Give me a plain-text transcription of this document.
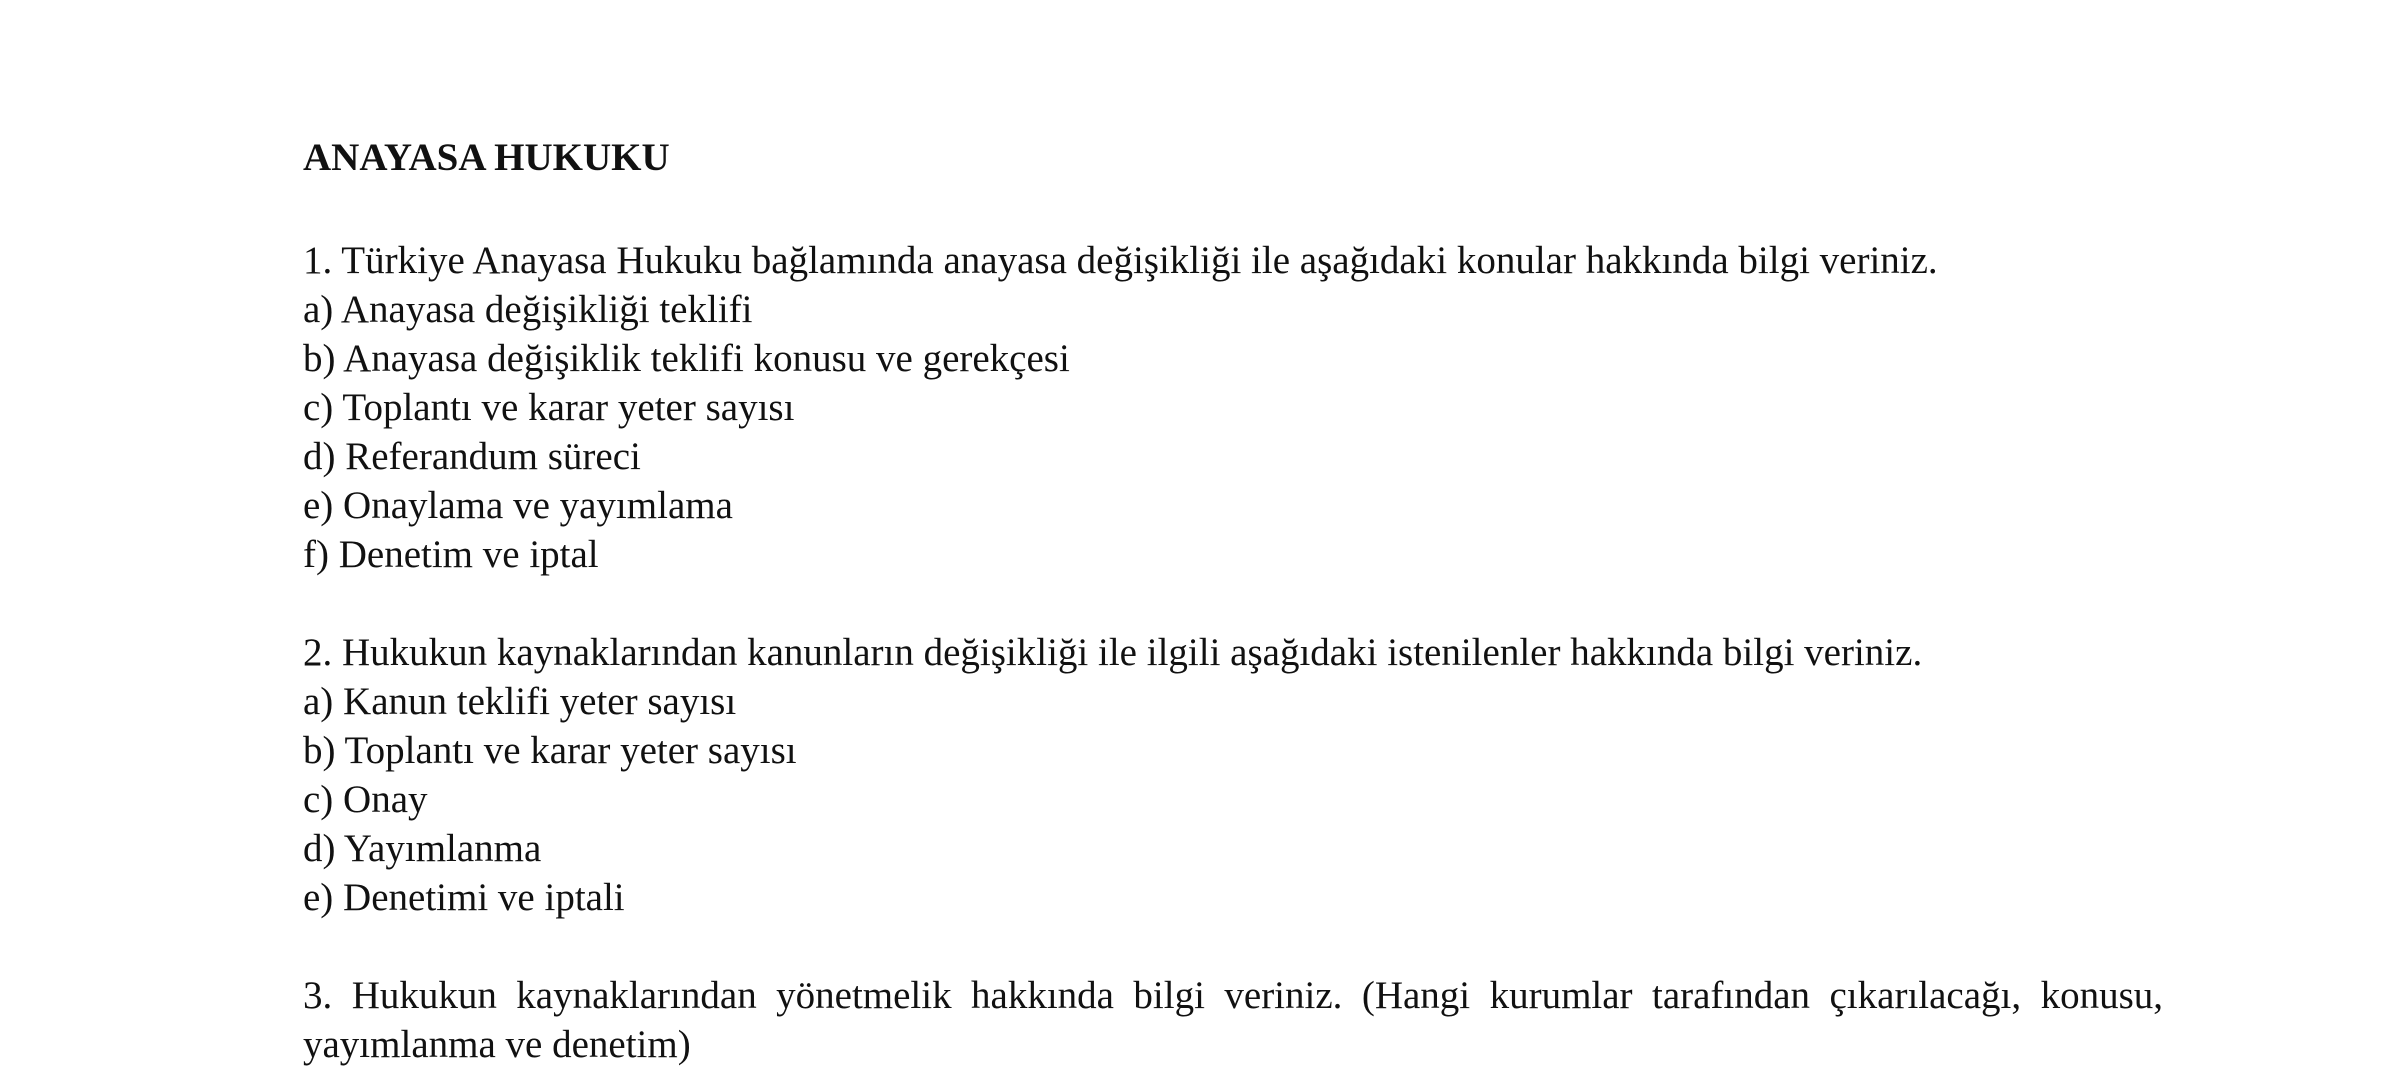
ANAYASA HUKUKU
1. Türkiye Anayasa Hukuku bağlamında anayasa değişikliği ile aşağıdaki konular hakkında bilgi veriniz.
a) Anayasa değişikliği teklifi
b) Anayasa değişiklik teklifi konusu ve gerekçesi
c) Toplantı ve karar yeter sayısı
d) Referandum süreci
e) Onaylama ve yayımlama
f) Denetim ve iptal
2. Hukukun kaynaklarından kanunların değişikliği ile ilgili aşağıdaki istenilenler hakkında bilgi veriniz.
a) Kanun teklifi yeter sayısı
b) Toplantı ve karar yeter sayısı
c) Onay
d) Yayımlanma
e) Denetimi ve iptali
3. Hukukun kaynaklarından yönetmelik hakkında bilgi veriniz. (Hangi kurumlar tarafından çıkarılacağı, konusu, yayımlanma ve denetim)
